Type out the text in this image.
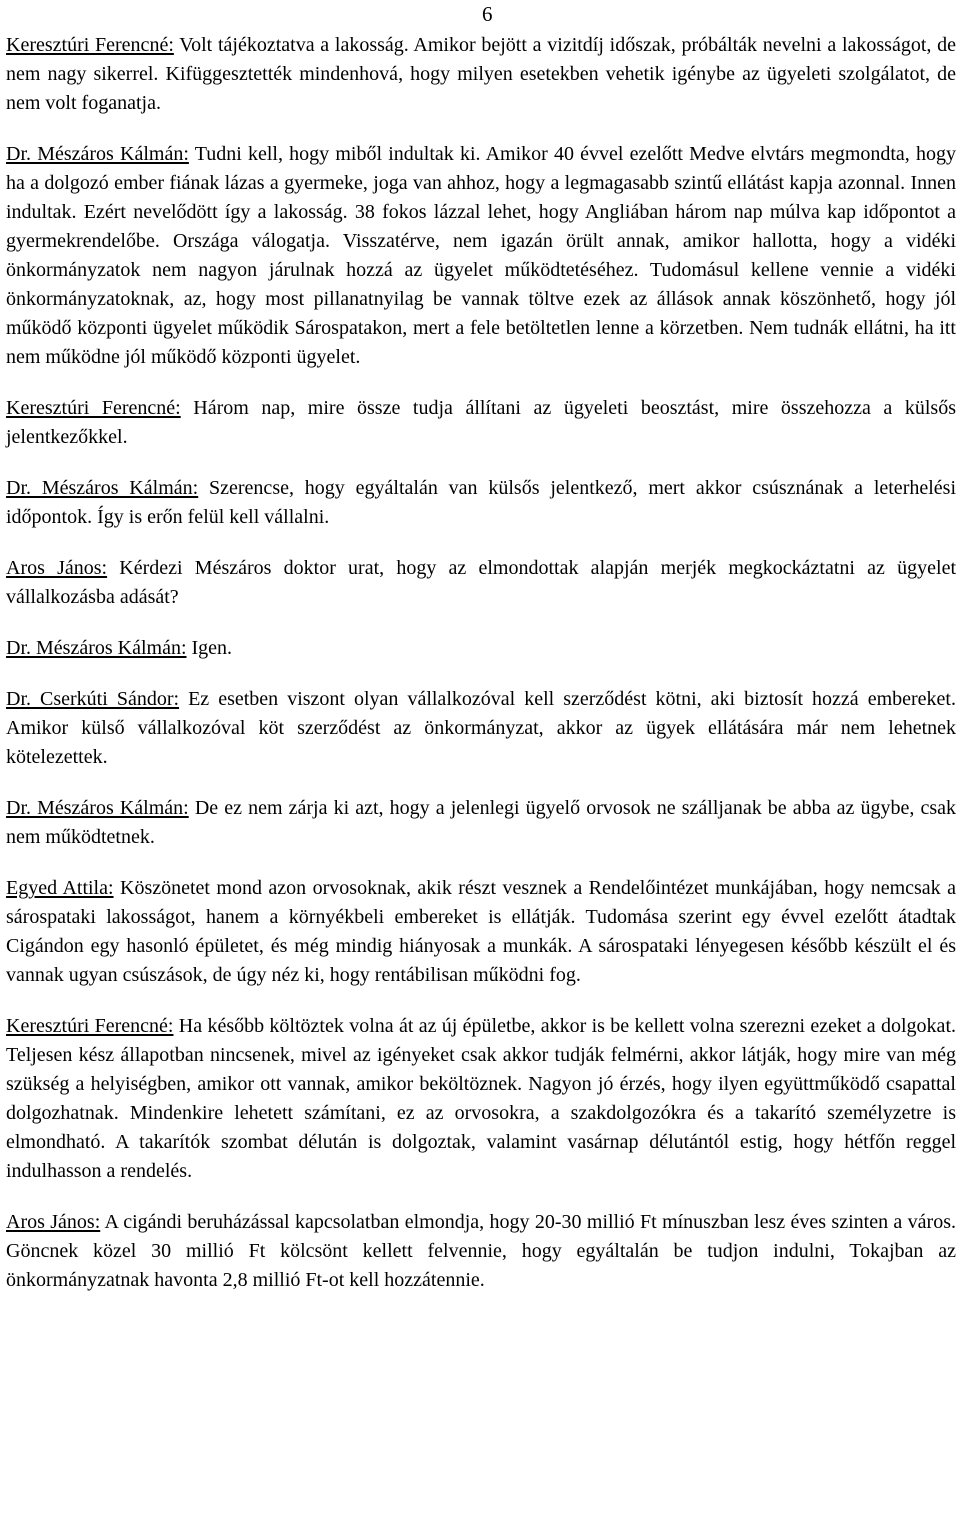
6

Keresztúri Ferencné: Volt tájékoztatva a lakosság. Amikor bejött a vizitdíj időszak, próbálták nevelni a lakosságot, de nem nagy sikerrel. Kifüggesztették mindenhová, hogy milyen esetekben vehetik igénybe az ügyeleti szolgálatot, de nem volt foganatja.

Dr. Mészáros Kálmán: Tudni kell, hogy miből indultak ki. Amikor 40 évvel ezelőtt Medve elvtárs megmondta, hogy ha a dolgozó ember fiának lázas a gyermeke, joga van ahhoz, hogy a legmagasabb szintű ellátást kapja azonnal. Innen indultak. Ezért nevelődött így a lakosság. 38 fokos lázzal lehet, hogy Angliában három nap múlva kap időpontot a gyermekrendelőbe. Országa válogatja. Visszatérve, nem igazán örült annak, amikor hallotta, hogy a vidéki önkormányzatok nem nagyon járulnak hozzá az ügyelet működtetéséhez. Tudomásul kellene vennie a vidéki önkormányzatoknak, az, hogy most pillanatnyilag be vannak töltve ezek az állások annak köszönhető, hogy jól működő központi ügyelet működik Sárospatakon, mert a fele betöltetlen lenne a körzetben. Nem tudnák ellátni, ha itt nem működne jól működő központi ügyelet.

Keresztúri Ferencné: Három nap, mire össze tudja állítani az ügyeleti beosztást, mire összehozza a külsős jelentkezőkkel.

Dr. Mészáros Kálmán: Szerencse, hogy egyáltalán van külsős jelentkező, mert akkor csúsznának a leterhelési időpontok. Így is erőn felül kell vállalni.

Aros János: Kérdezi Mészáros doktor urat, hogy az elmondottak alapján merjék megkockáztatni az ügyelet vállalkozásba adását?

Dr. Mészáros Kálmán: Igen.

Dr. Cserkúti Sándor: Ez esetben viszont olyan vállalkozóval kell szerződést kötni, aki biztosít hozzá embereket. Amikor külső vállalkozóval köt szerződést az önkormányzat, akkor az ügyek ellátására már nem lehetnek kötelezettek.

Dr. Mészáros Kálmán: De ez nem zárja ki azt, hogy a jelenlegi ügyelő orvosok ne szálljanak be abba az ügybe, csak nem működtetnek.

Egyed Attila: Köszönetet mond azon orvosoknak, akik részt vesznek a Rendelőintézet munkájában, hogy nemcsak a sárospataki lakosságot, hanem a környékbeli embereket is ellátják. Tudomása szerint egy évvel ezelőtt átadtak Cigándon egy hasonló épületet, és még mindig hiányosak a munkák. A sárospataki lényegesen később készült el és vannak ugyan csúszások, de úgy néz ki, hogy rentábilisan működni fog.

Keresztúri Ferencné: Ha később költöztek volna át az új épületbe, akkor is be kellett volna szerezni ezeket a dolgokat. Teljesen kész állapotban nincsenek, mivel az igényeket csak akkor tudják felmérni, akkor látják, hogy mire van még szükség a helyiségben, amikor ott vannak, amikor beköltöznek. Nagyon jó érzés, hogy ilyen együttműködő csapattal dolgozhatnak. Mindenkire lehetett számítani, ez az orvosokra, a szakdolgozókra és a takarító személyzetre is elmondható. A takarítók szombat délután is dolgoztak, valamint vasárnap délutántól estig, hogy hétfőn reggel indulhasson a rendelés.

Aros János: A cigándi beruházással kapcsolatban elmondja, hogy 20-30 millió Ft mínuszban lesz éves szinten a város. Göncnek közel 30 millió Ft kölcsönt kellett felvennie, hogy egyáltalán be tudjon indulni, Tokajban az önkormányzatnak havonta 2,8 millió Ft-ot kell hozzátennie.
